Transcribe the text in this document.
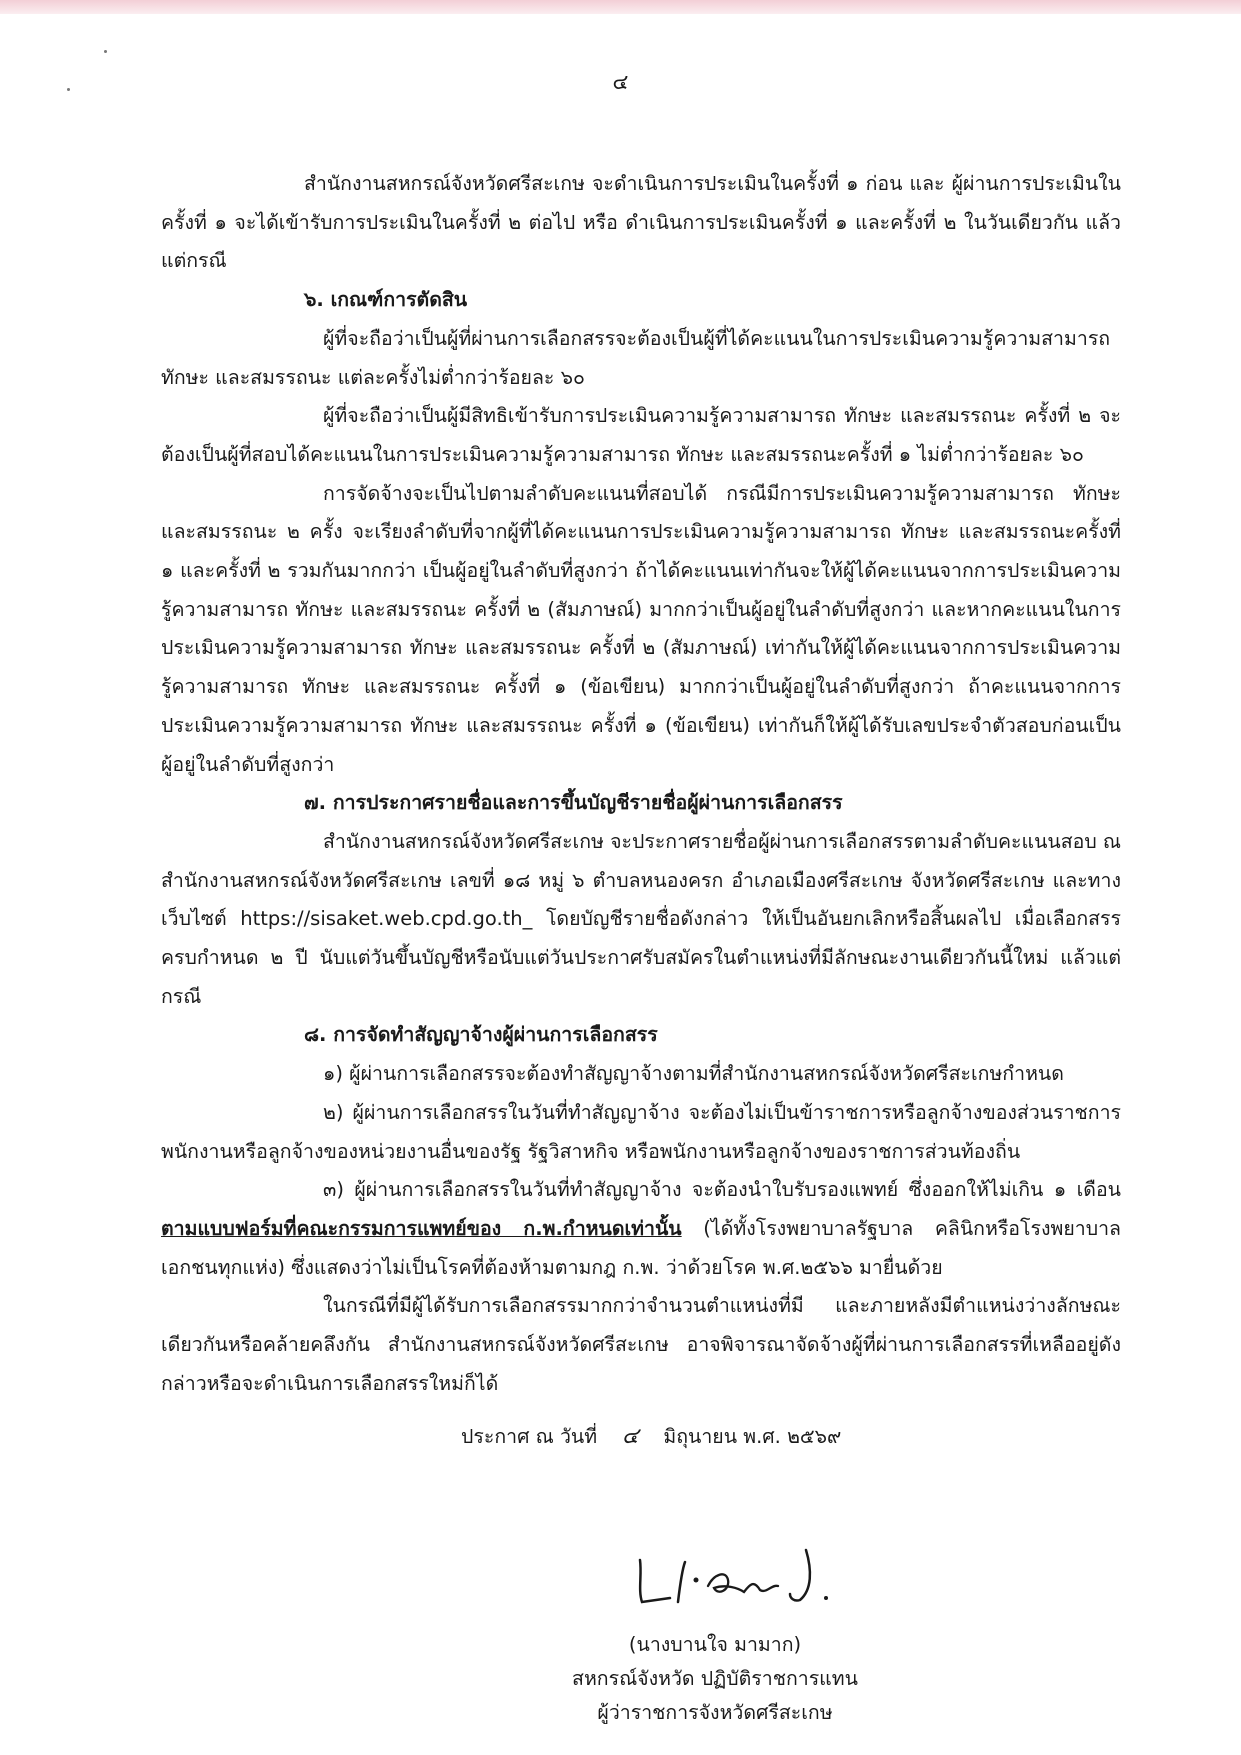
๔

สำนักงานสหกรณ์จังหวัดศรีสะเกษ จะดำเนินการประเมินในครั้งที่ ๑ ก่อน และ ผู้ผ่านการประเมินในครั้งที่ ๑ จะได้เข้ารับการประเมินในครั้งที่ ๒ ต่อไป หรือ ดำเนินการประเมินครั้งที่ ๑ และครั้งที่ ๒ ในวันเดียวกัน แล้วแต่กรณี

๖. เกณฑ์การตัดสิน

ผู้ที่จะถือว่าเป็นผู้ที่ผ่านการเลือกสรรจะต้องเป็นผู้ที่ได้คะแนนในการประเมินความรู้ความสามารถ ทักษะ และสมรรถนะ แต่ละครั้งไม่ต่ำกว่าร้อยละ ๖๐

ผู้ที่จะถือว่าเป็นผู้มีสิทธิเข้ารับการประเมินความรู้ความสามารถ ทักษะ และสมรรถนะ ครั้งที่ ๒ จะต้องเป็นผู้ที่สอบได้คะแนนในการประเมินความรู้ความสามารถ ทักษะ และสมรรถนะครั้งที่ ๑ ไม่ต่ำกว่าร้อยละ ๖๐

การจัดจ้างจะเป็นไปตามลำดับคะแนนที่สอบได้ กรณีมีการประเมินความรู้ความสามารถ ทักษะ และสมรรถนะ ๒ ครั้ง จะเรียงลำดับที่จากผู้ที่ได้คะแนนการประเมินความรู้ความสามารถ ทักษะ และสมรรถนะครั้งที่ ๑ และครั้งที่ ๒ รวมกันมากกว่า เป็นผู้อยู่ในลำดับที่สูงกว่า ถ้าได้คะแนนเท่ากันจะให้ผู้ได้คะแนนจากการประเมินความรู้ความสามารถ ทักษะ และสมรรถนะ ครั้งที่ ๒ (สัมภาษณ์) มากกว่าเป็นผู้อยู่ในลำดับที่สูงกว่า และหากคะแนนในการประเมินความรู้ความสามารถ ทักษะ และสมรรถนะ ครั้งที่ ๒ (สัมภาษณ์) เท่ากันให้ผู้ได้คะแนนจากการประเมินความรู้ความสามารถ ทักษะ และสมรรถนะ ครั้งที่ ๑ (ข้อเขียน) มากกว่าเป็นผู้อยู่ในลำดับที่สูงกว่า ถ้าคะแนนจากการประเมินความรู้ความสามารถ ทักษะ และสมรรถนะ ครั้งที่ ๑ (ข้อเขียน) เท่ากันก็ให้ผู้ได้รับเลขประจำตัวสอบก่อนเป็นผู้อยู่ในลำดับที่สูงกว่า

๗. การประกาศรายชื่อและการขึ้นบัญชีรายชื่อผู้ผ่านการเลือกสรร

สำนักงานสหกรณ์จังหวัดศรีสะเกษ จะประกาศรายชื่อผู้ผ่านการเลือกสรรตามลำดับคะแนนสอบ ณ สำนักงานสหกรณ์จังหวัดศรีสะเกษ เลขที่ ๑๘ หมู่ ๖ ตำบลหนองครก อำเภอเมืองศรีสะเกษ จังหวัดศรีสะเกษ และทางเว็บไซต์ https://sisaket.web.cpd.go.th_ โดยบัญชีรายชื่อดังกล่าว ให้เป็นอันยกเลิกหรือสิ้นผลไป เมื่อเลือกสรรครบกำหนด ๒ ปี นับแต่วันขึ้นบัญชีหรือนับแต่วันประกาศรับสมัครในตำแหน่งที่มีลักษณะงานเดียวกันนี้ใหม่ แล้วแต่กรณี

๘. การจัดทำสัญญาจ้างผู้ผ่านการเลือกสรร

๑) ผู้ผ่านการเลือกสรรจะต้องทำสัญญาจ้างตามที่สำนักงานสหกรณ์จังหวัดศรีสะเกษกำหนด

๒) ผู้ผ่านการเลือกสรรในวันที่ทำสัญญาจ้าง จะต้องไม่เป็นข้าราชการหรือลูกจ้างของส่วนราชการ พนักงานหรือลูกจ้างของหน่วยงานอื่นของรัฐ รัฐวิสาหกิจ หรือพนักงานหรือลูกจ้างของราชการส่วนท้องถิ่น

๓) ผู้ผ่านการเลือกสรรในวันที่ทำสัญญาจ้าง จะต้องนำใบรับรองแพทย์ ซึ่งออกให้ไม่เกิน ๑ เดือน ตามแบบฟอร์มที่คณะกรรมการแพทย์ของ ก.พ.กำหนดเท่านั้น (ได้ทั้งโรงพยาบาลรัฐบาล คลินิกหรือโรงพยาบาลเอกชนทุกแห่ง) ซึ่งแสดงว่าไม่เป็นโรคที่ต้องห้ามตามกฎ ก.พ. ว่าด้วยโรค พ.ศ.๒๕๖๖ มายื่นด้วย

ในกรณีที่มีผู้ได้รับการเลือกสรรมากกว่าจำนวนตำแหน่งที่มี และภายหลังมีตำแหน่งว่างลักษณะเดียวกันหรือคล้ายคลึงกัน สำนักงานสหกรณ์จังหวัดศรีสะเกษ อาจพิจารณาจัดจ้างผู้ที่ผ่านการเลือกสรรที่เหลืออยู่ดังกล่าวหรือจะดำเนินการเลือกสรรใหม่ก็ได้

ประกาศ ณ วันที่ ๔ มิถุนายน พ.ศ. ๒๕๖๙

(นางบานใจ มามาก)
สหกรณ์จังหวัด ปฏิบัติราชการแทน
ผู้ว่าราชการจังหวัดศรีสะเกษ
